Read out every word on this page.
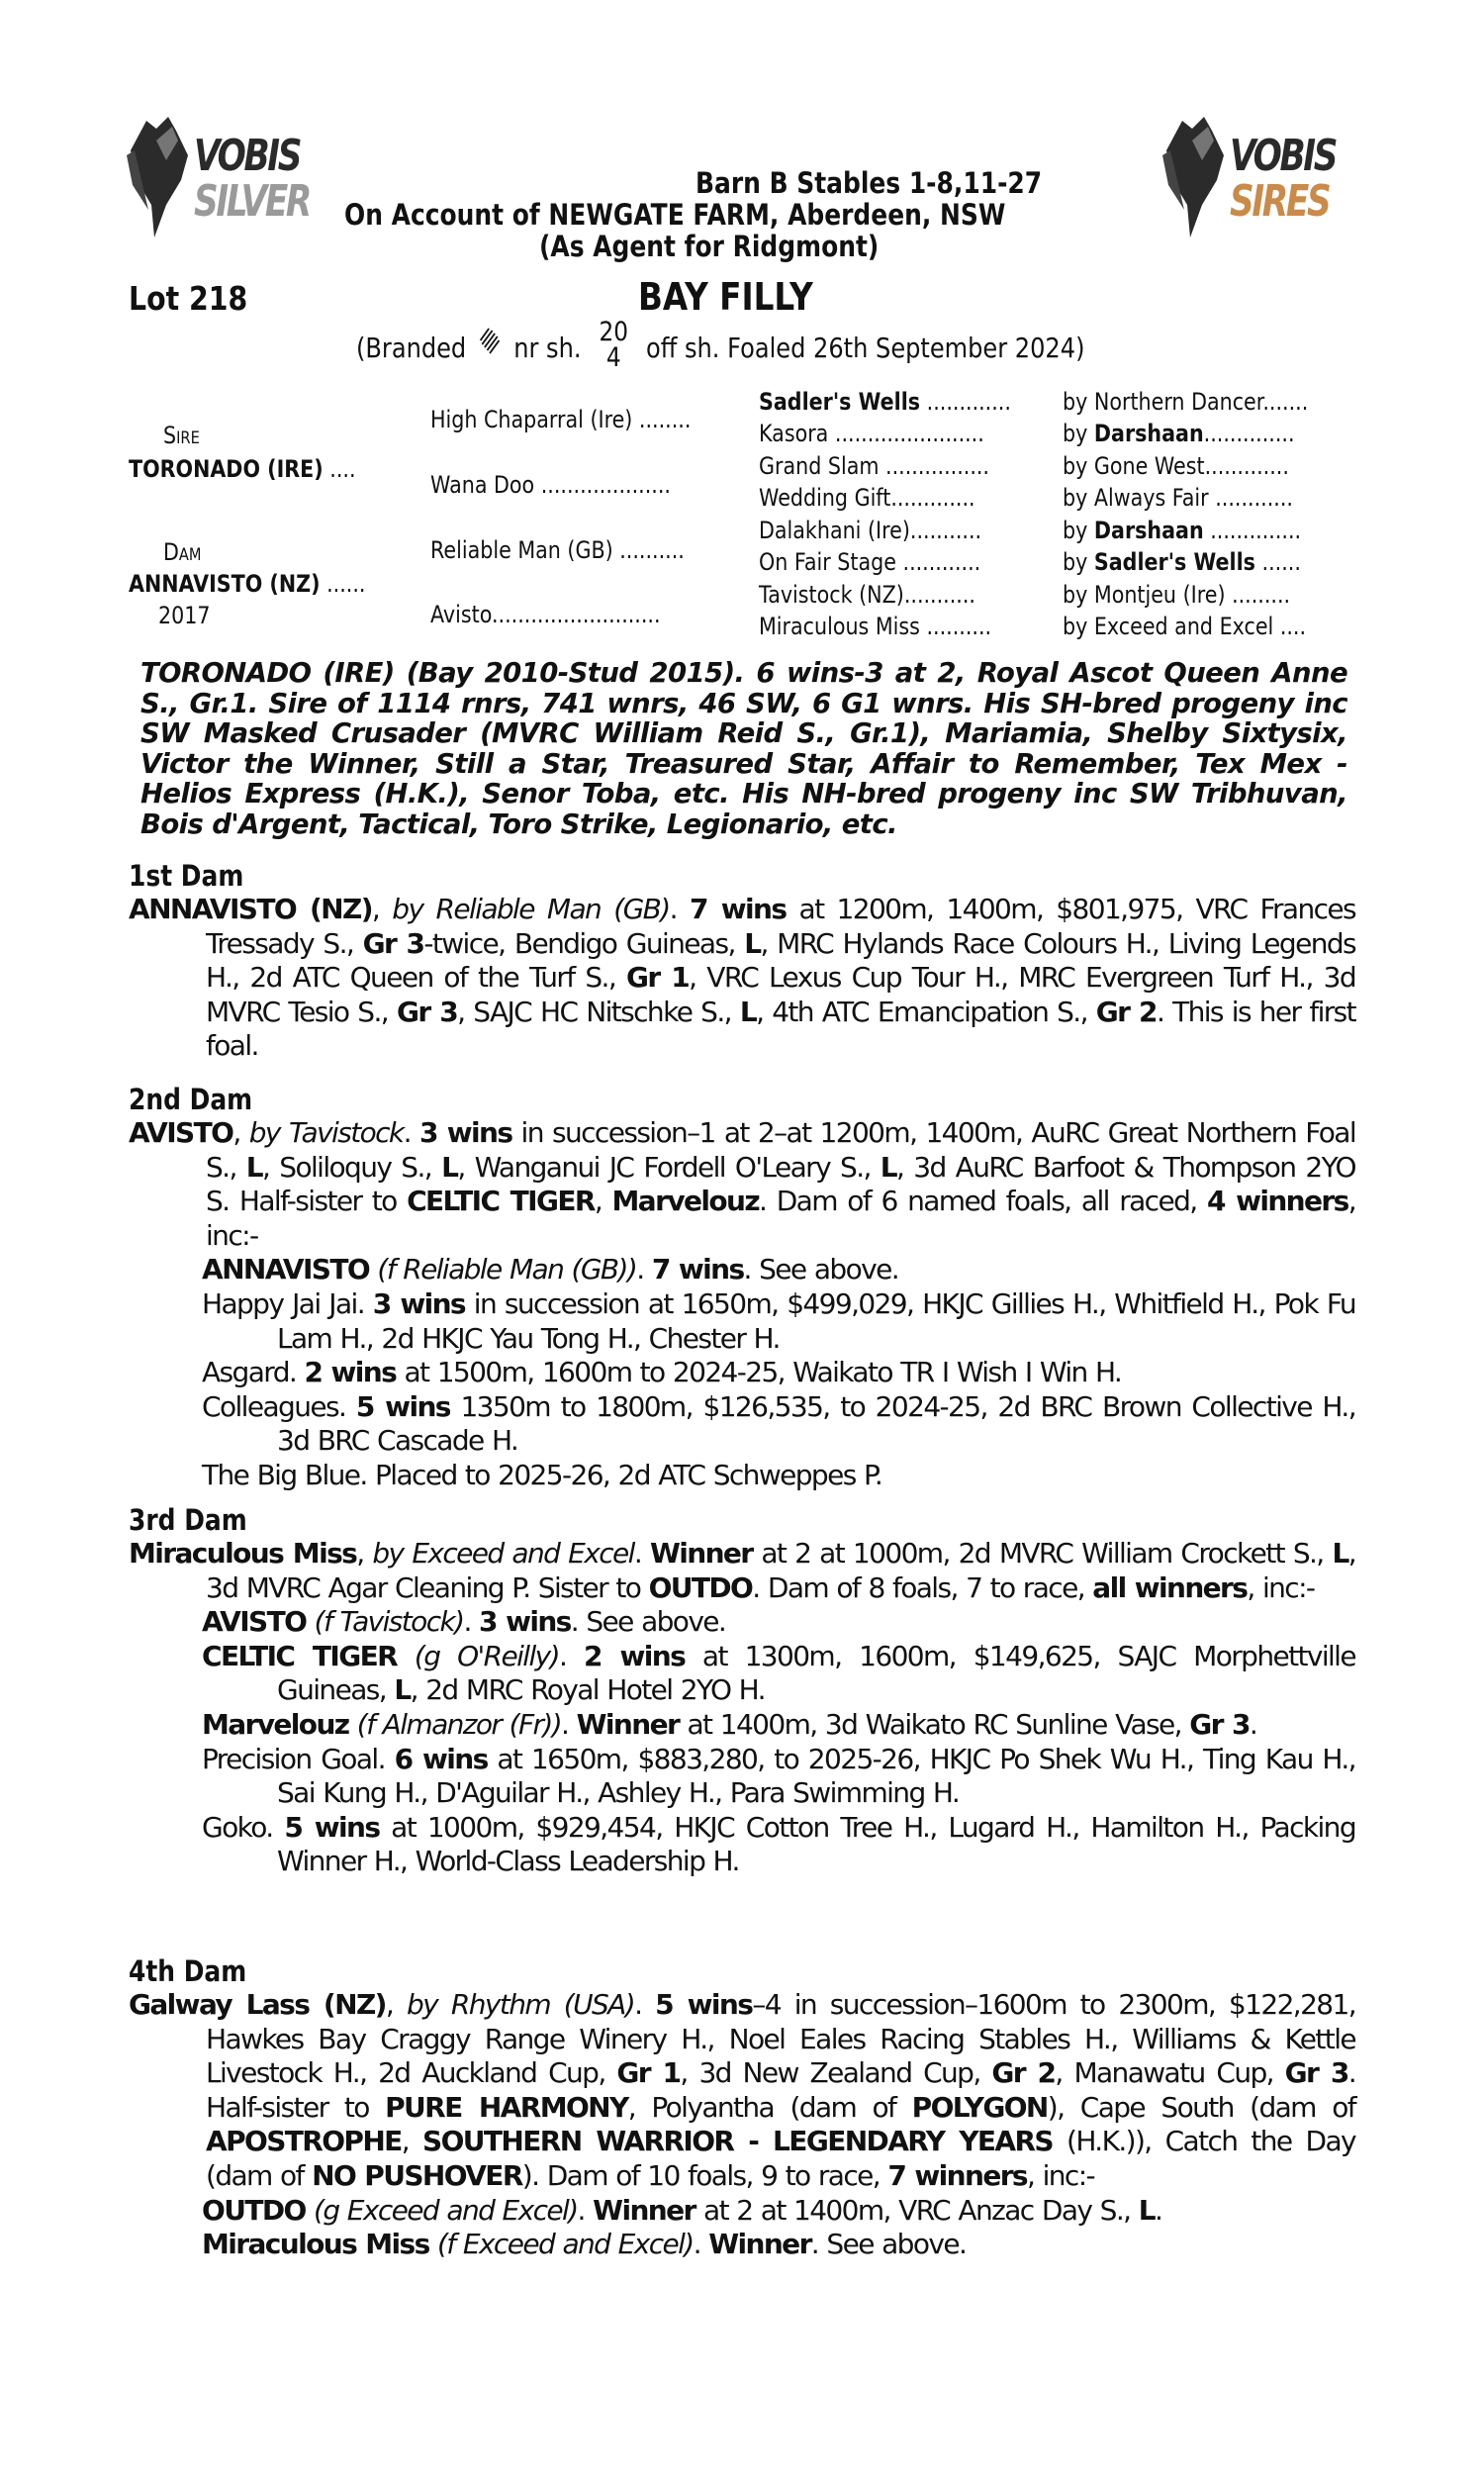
VOBIS
SILVER
VOBIS
SIRES
Barn B Stables 1-8,11-27
On Account of NEWGATE FARM, Aberdeen, NSW
(As Agent for Ridgmont)
Lot 218	BAY FILLY
(Branded nr sh. 20
4 off sh. Foaled 26th September 2024)
Sire
TORONADO (IRE) ....
Dam
ANNAVISTO (NZ) ......
2017
High Chaparral (Ire) ........
Wana Doo ....................
Reliable Man (GB) ..........
Avisto..........................
Sadler's Wells ............. by Northern Dancer.......
Kasora .......................	by Darshaan..............
Grand Slam ................	by Gone West.............
Wedding Gift.............	by Always Fair ............
Dalakhani (Ire)...........	by Darshaan ..............
On Fair Stage ............	by Sadler's Wells ......
Tavistock (NZ)...........	by Montjeu (Ire) .........
Miraculous Miss ..........	by Exceed and Excel ....
TORONADO (IRE) (Bay 2010-Stud 2015). 6 wins-3 at 2, Royal Ascot Queen Anne S., Gr.1. Sire of 1114 rnrs, 741 wnrs, 46 SW, 6 G1 wnrs. His SH-bred progeny inc SW Masked Crusader (MVRC William Reid S., Gr.1), Mariamia, Shelby Sixtysix, Victor the Winner, Still a Star, Treasured Star, Affair to Remember, Tex Mex - Helios Express (H.K.), Senor Toba, etc. His NH-bred progeny inc SW Tribhuvan, Bois d'Argent, Tactical, Toro Strike, Legionario, etc.
1st Dam
ANNAVISTO (NZ), by Reliable Man (GB). 7 wins at 1200m, 1400m, $801,975, VRC Frances Tressady S., Gr 3-twice, Bendigo Guineas, L, MRC Hylands Race Colours H., Living Legends H., 2d ATC Queen of the Turf S., Gr 1, VRC Lexus Cup Tour H., MRC Evergreen Turf H., 3d MVRC Tesio S., Gr 3, SAJC HC Nitschke S., L, 4th ATC Emancipation S., Gr 2. This is her first foal.
2nd Dam
AVISTO, by Tavistock. 3 wins in succession–1 at 2–at 1200m, 1400m, AuRC Great Northern Foal S., L, Soliloquy S., L, Wanganui JC Fordell O'Leary S., L, 3d AuRC Barfoot & Thompson 2YO S. Half-sister to CELTIC TIGER, Marvelouz. Dam of 6 named foals, all raced, 4 winners, inc:-
ANNAVISTO (f Reliable Man (GB)). 7 wins. See above.
Happy Jai Jai. 3 wins in succession at 1650m, $499,029, HKJC Gillies H., Whitfield H., Pok Fu Lam H., 2d HKJC Yau Tong H., Chester H.
Asgard. 2 wins at 1500m, 1600m to 2024-25, Waikato TR I Wish I Win H.
Colleagues. 5 wins 1350m to 1800m, $126,535, to 2024-25, 2d BRC Brown Collective H., 3d BRC Cascade H.
The Big Blue. Placed to 2025-26, 2d ATC Schweppes P.
3rd Dam
Miraculous Miss, by Exceed and Excel. Winner at 2 at 1000m, 2d MVRC William Crockett S., L, 3d MVRC Agar Cleaning P. Sister to OUTDO. Dam of 8 foals, 7 to race, all winners, inc:-
AVISTO (f Tavistock). 3 wins. See above.
CELTIC TIGER (g O'Reilly). 2 wins at 1300m, 1600m, $149,625, SAJC Morphettville Guineas, L, 2d MRC Royal Hotel 2YO H.
Marvelouz (f Almanzor (Fr)). Winner at 1400m, 3d Waikato RC Sunline Vase, Gr 3.
Precision Goal. 6 wins at 1650m, $883,280, to 2025-26, HKJC Po Shek Wu H., Ting Kau H., Sai Kung H., D'Aguilar H., Ashley H., Para Swimming H.
Goko. 5 wins at 1000m, $929,454, HKJC Cotton Tree H., Lugard H., Hamilton H., Packing Winner H., World-Class Leadership H.
4th Dam
Galway Lass (NZ), by Rhythm (USA). 5 wins–4 in succession–1600m to 2300m, $122,281, Hawkes Bay Craggy Range Winery H., Noel Eales Racing Stables H., Williams & Kettle Livestock H., 2d Auckland Cup, Gr 1, 3d New Zealand Cup, Gr 2, Manawatu Cup, Gr 3. Half-sister to PURE HARMONY, Polyantha (dam of POLYGON), Cape South (dam of APOSTROPHE, SOUTHERN WARRIOR - LEGENDARY YEARS (H.K.)), Catch the Day (dam of NO PUSHOVER). Dam of 10 foals, 9 to race, 7 winners, inc:-
OUTDO (g Exceed and Excel). Winner at 2 at 1400m, VRC Anzac Day S., L.
Miraculous Miss (f Exceed and Excel). Winner. See above.
